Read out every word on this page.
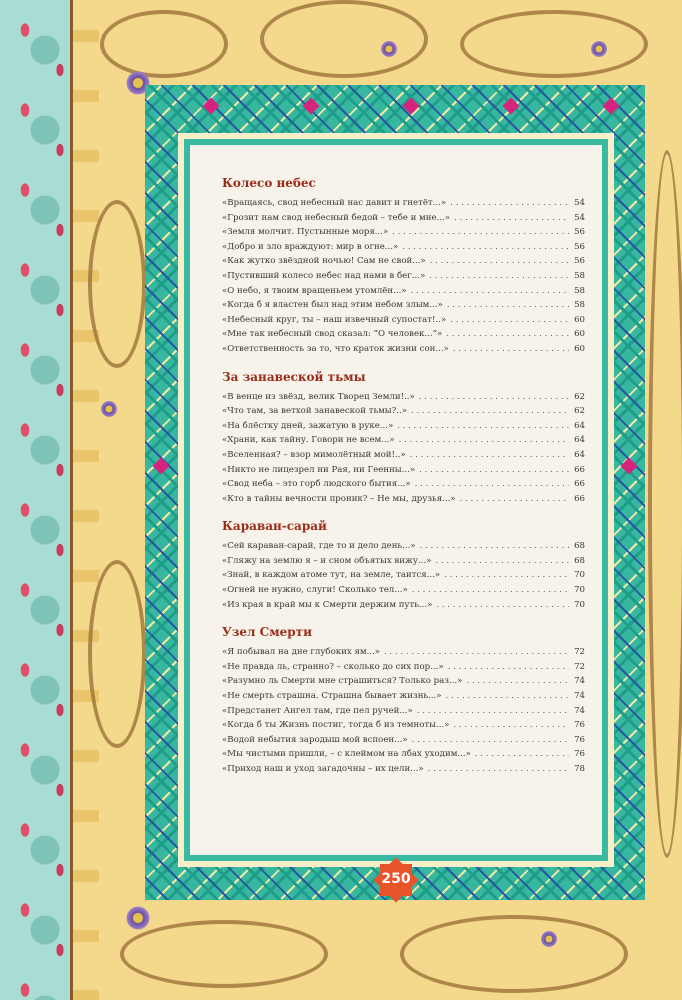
Колесо небес
«Вращаясь, свод небесный нас давит и гнетёт...» . . .	54
«Грозит нам свод небесный бедой – тебе и мне...» . . .	54
«Земля молчит. Пустынные моря...» . . .	56
«Добро и зло враждуют: мир в огне...» . . .	56
«Как жутко звёздной ночью! Сам не свой...» . . .	56
«Пустивший колесо небес над нами в бег...» . . .	58
«О небо, я твоим вращеньем утомлён...» . . .	58
«Когда б я властен был над этим небом злым...» . . .	58
«Небесный круг, ты – наш извечный супостат!..» . . .	60
«Мне так небесный свод сказал: “О человек...”» . . .	60
«Ответственность за то, что краток жизни сон...» . . .	60
За занавеской тьмы
«В венце из звёзд, велик Творец Земли!..» . . .	62
«Что там, за ветхой занавеской тьмы?..» . . .	62
«На блёстку дней, зажатую в руке...» . . .	64
«Храни, как тайну. Говори не всем...» . . .	64
«Вселенная? – взор мимолётный мой!..» . . .	64
«Никто не лицезрел ни Рая, ни Геенны...» . . .	66
«Свод неба – это горб людского бытия...» . . .	66
«Кто в тайны вечности проник? – Не мы, друзья...» . . .	66
Караван-сарай
«Сей караван-сарай, где то и дело день...» . . .	68
«Гляжу на землю я – и сном объятых вижу...» . . .	68
«Знай, в каждом атоме тут, на земле, таится...» . . .	70
«Огней не нужно, слуги! Сколько тел...» . . .	70
«Из края в край мы к Смерти держим путь...» . . .	70
Узел Смерти
«Я побывал на дне глубоких ям...» . . .	72
«Не правда ль, странно? – сколько до сих пор...» . . .	72
«Разумно ль Смерти мне страшиться? Только раз...» . . .	74
«Не смерть страшна. Страшна бывает жизнь...» . . .	74
«Предстанет Ангел там, где пел ручей...» . . .	74
«Когда б ты Жизнь постиг, тогда б из темноты...» . . .	76
«Водой небытия зародыш мой вспоен...» . . .	76
«Мы чистыми пришли, – с клеймом на лбах уходим...» . . .	76
«Приход наш и уход загадочны – их цели...» . . .	78
250
